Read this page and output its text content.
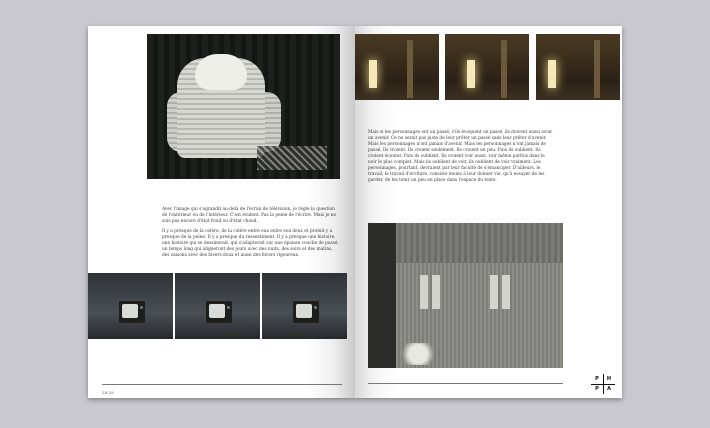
Avec l'image qui s'agrandit au-delà de l'écran de télévision, je règle la question de l'extérieur ou de l'intérieur. C'est évident. Pas la peine de l'écrire. Mais je ne suis pas encore d'état froid ou d'état chaud.

Il y a presque de la colère, de la colère entre eux entre eux deux et promit y a presque de la peine. Il y a presque du ressentiment. Il y a presque une histoire, une histoire qui se dessinerait, qui s'adapterait sur une épaisse couche de passé, un temps long qui aligneront des jours avec des nuits, des soirs et des matins, des saisons avec des hivers doux et aussi des hivers rigoureux.

28-29

Mais si les personnages ont un passé, s'ils évoquent un passé, ils doivent aussi avoir un avenir. Ce ne serait pas juste de leur prêter un passé sans leur prêter d'avenir. Mais les personnages n'ont jamais d'avenir. Mais les personnages n'ont jamais de passé. Ils croient. Ils croient seulement. Ils croient un peu. Puis ils oublient. Ils croient écouter. Puis ils oublient. Ils croient voir aussi, voir même parfois dans le noir le plus complet. Mais ils oublient de voir, ils oublient de voir vraiment. Les personnages, pourtant, devraient par leur faculté de s'émanciper. D'ailleurs, le travail, le travail d'écriture, consiste moins à leur donner vie, qu'à essayer de les garder, de les tenir un peu en place dans l'espace du texte.

P	H
P	A
